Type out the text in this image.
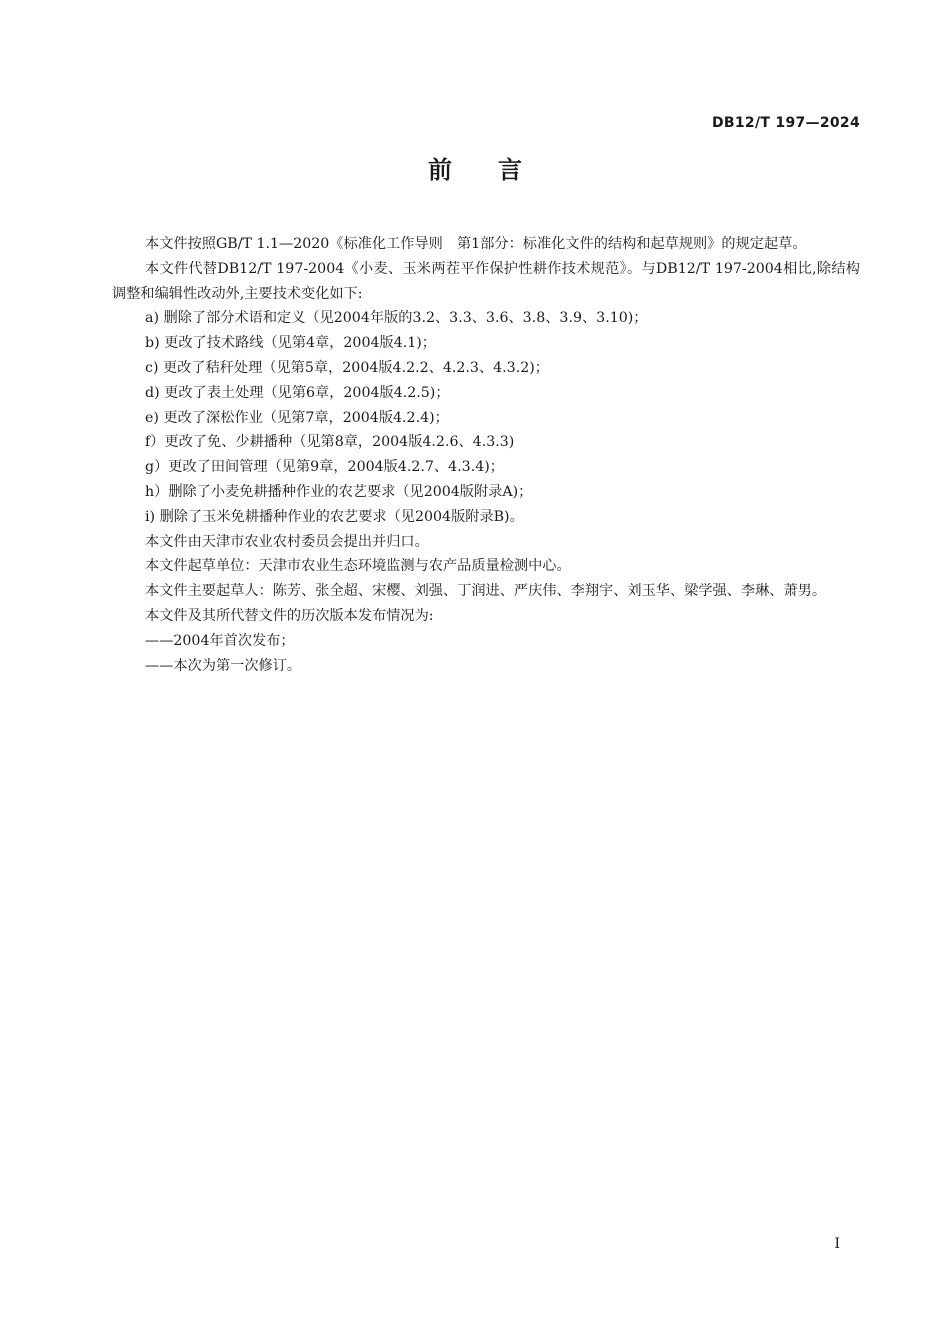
DB12/T 197—2024
前言

本文件按照GB/T 1.1—2020《标准化工作导则　第1部分：标准化文件的结构和起草规则》的规定起草。

本文件代替DB12/T 197-2004《小麦、玉米两茬平作保护性耕作技术规范》。与DB12/T 197-2004相比,除结构调整和编辑性改动外,主要技术变化如下:

a) 删除了部分术语和定义（见2004年版的3.2、3.3、3.6、3.8、3.9、3.10)；

b) 更改了技术路线（见第4章，2004版4.1)；

c) 更改了秸秆处理（见第5章，2004版4.2.2、4.2.3、4.3.2)；

d) 更改了表土处理（见第6章，2004版4.2.5)；

e) 更改了深松作业（见第7章，2004版4.2.4)；

f）更改了免、少耕播种（见第8章，2004版4.2.6、4.3.3)

g）更改了田间管理（见第9章，2004版4.2.7、4.3.4)；

h）删除了小麦免耕播种作业的农艺要求（见2004版附录A)；

i) 删除了玉米免耕播种作业的农艺要求（见2004版附录B)。

本文件由天津市农业农村委员会提出并归口。

本文件起草单位：天津市农业生态环境监测与农产品质量检测中心。

本文件主要起草人：陈芳、张全超、宋樱、刘强、丁润进、严庆伟、李翔宇、刘玉华、梁学强、李琳、萧男。

本文件及其所代替文件的历次版本发布情况为:

——2004年首次发布；

——本次为第一次修订。

I
